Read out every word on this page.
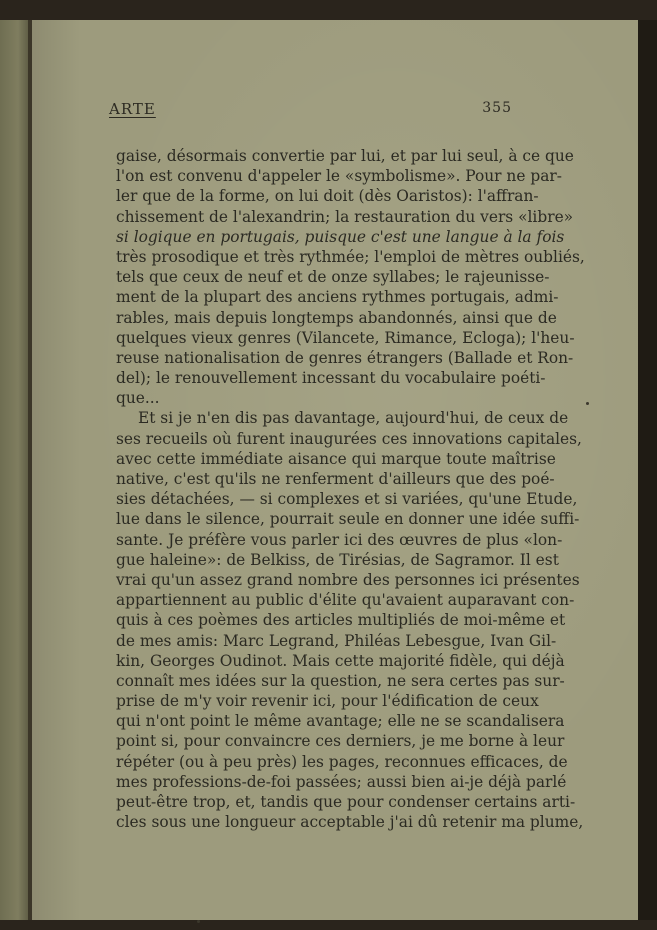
ARTE	355
gaise, désormais convertie par lui, et par lui seul, à ce que
l'on est convenu d'appeler le «symbolisme». Pour ne par-
ler que de la forme, on lui doit (dès Oaristos): l'affran-
chissement de l'alexandrin; la restauration du vers «libre»
si logique en portugais, puisque c'est une langue à la fois
très prosodique et très rythmée; l'emploi de mètres oubliés,
tels que ceux de neuf et de onze syllabes; le rajeunisse-
ment de la plupart des anciens rythmes portugais, admi-
rables, mais depuis longtemps abandonnés, ainsi que de
quelques vieux genres (Vilancete, Rimance, Ecloga); l'heu-
reuse nationalisation de genres étrangers (Ballade et Ron-
del); le renouvellement incessant du vocabulaire poéti-
que...
Et si je n'en dis pas davantage, aujourd'hui, de ceux de
ses recueils où furent inaugurées ces innovations capitales,
avec cette immédiate aisance qui marque toute maîtrise
native, c'est qu'ils ne renferment d'ailleurs que des poé-
sies détachées, — si complexes et si variées, qu'une Etude,
lue dans le silence, pourrait seule en donner une idée suffi-
sante. Je préfère vous parler ici des œuvres de plus «lon-
gue haleine»: de Belkiss, de Tirésias, de Sagramor. Il est
vrai qu'un assez grand nombre des personnes ici présentes
appartiennent au public d'élite qu'avaient auparavant con-
quis à ces poèmes des articles multipliés de moi-même et
de mes amis: Marc Legrand, Philéas Lebesgue, Ivan Gil-
kin, Georges Oudinot. Mais cette majorité fidèle, qui déjà
connaît mes idées sur la question, ne sera certes pas sur-
prise de m'y voir revenir ici, pour l'édification de ceux
qui n'ont point le même avantage; elle ne se scandalisera
point si, pour convaincre ces derniers, je me borne à leur
répéter (ou à peu près) les pages, reconnues efficaces, de
mes professions-de-foi passées; aussi bien ai-je déjà parlé
peut-être trop, et, tandis que pour condenser certains arti-
cles sous une longueur acceptable j'ai dû retenir ma plume,
